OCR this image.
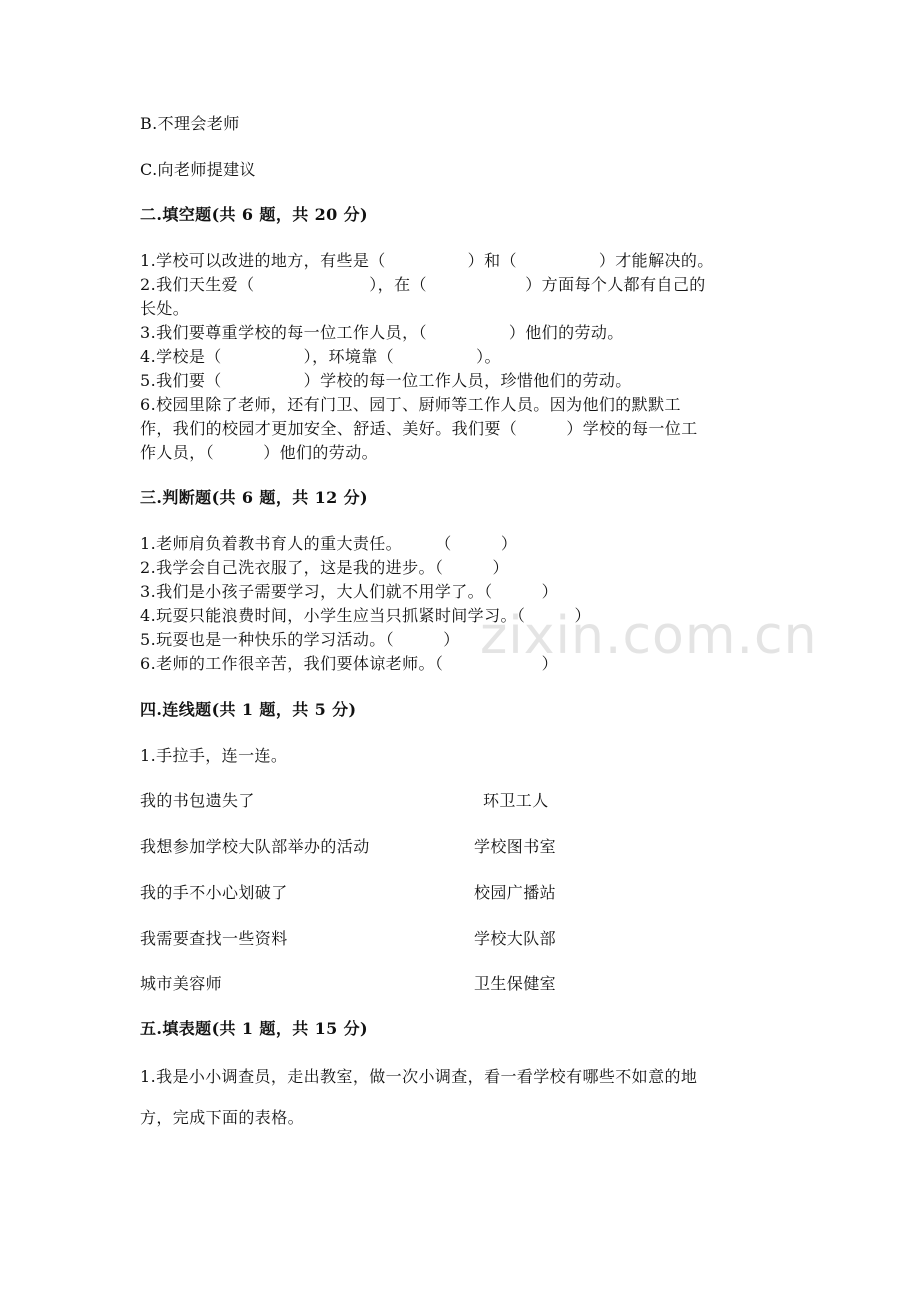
zixin.com.cn
B.不理会老师
C.向老师提建议
二.填空题(共 6 题，共 20 分)
1.学校可以改进的地方，有些是（　　　　　）和（　　　　　）才能解决的。
2.我们天生爱（　　　　　　　），在（　　　　　　）方面每个人都有自己的
长处。
3.我们要尊重学校的每一位工作人员，（　　　　　）他们的劳动。
4.学校是（　　　　　），环境靠（　　　　　）。
5.我们要（　　　　　）学校的每一位工作人员，珍惜他们的劳动。
6.校园里除了老师，还有门卫、园丁、厨师等工作人员。因为他们的默默工
作，我们的校园才更加安全、舒适、美好。我们要（　　　）学校的每一位工
作人员，（　　　）他们的劳动。
三.判断题(共 6 题，共 12 分)
1.老师肩负着教书育人的重大责任。　　　（　　　）
2.我学会自己洗衣服了，这是我的进步。（　　　）
3.我们是小孩子需要学习，大人们就不用学了。（　　　）
4.玩耍只能浪费时间，小学生应当只抓紧时间学习。（　　　）
5.玩耍也是一种快乐的学习活动。（　　　）
6.老师的工作很辛苦，我们要体谅老师。（　　　　　　）
四.连线题(共 1 题，共 5 分)
1.手拉手，连一连。
我的书包遗失了	环卫工人
我想参加学校大队部举办的活动	学校图书室
我的手不小心划破了	校园广播站
我需要查找一些资料	学校大队部
城市美容师	卫生保健室
五.填表题(共 1 题，共 15 分)
1.我是小小调查员，走出教室，做一次小调查，看一看学校有哪些不如意的地
方，完成下面的表格。
